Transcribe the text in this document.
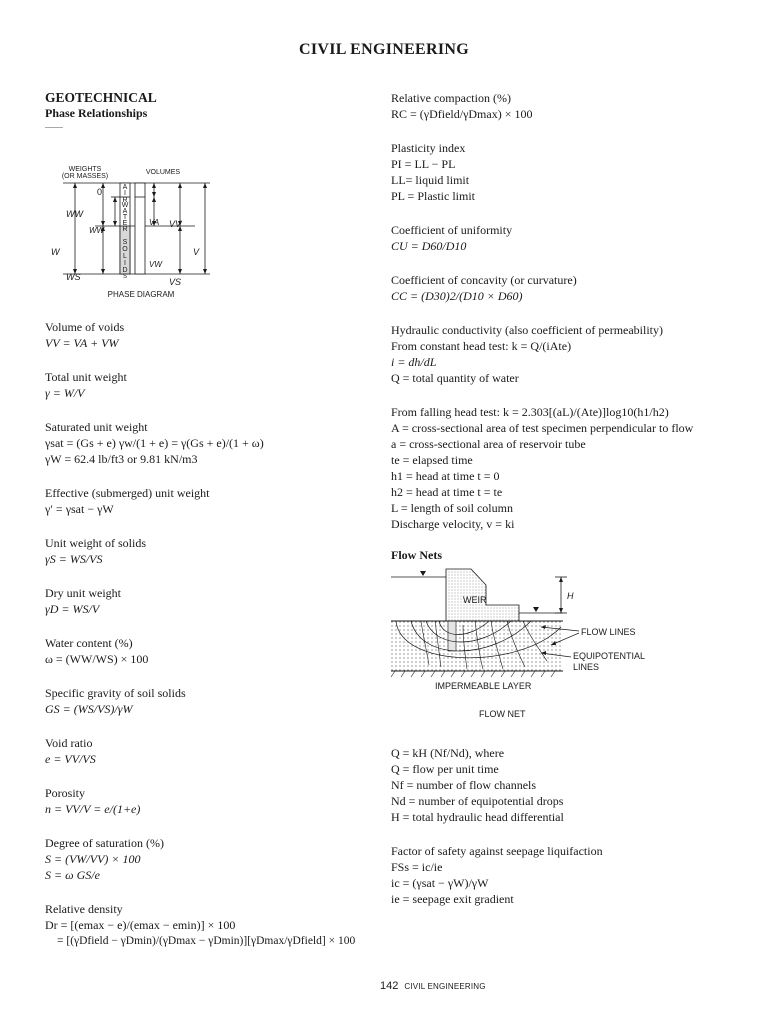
CIVIL ENGINEERING
GEOTECHNICAL
Phase Relationships
WEIGHTS
(OR MASSES)
VOLUMES
0
W
WW
WW
WS
VA
VW
VV
VS
V
A
I
R
W
A
T
E
R
S
O
L
I
D
S
PHASE DIAGRAM
Volume of voids
VV = VA + VW
Total unit weight
γ = W/V
Saturated unit weight
γsat = (Gs + e) γw/(1 + e) = γ(Gs + e)/(1 + ω)
γW = 62.4 lb/ft3 or 9.81 kN/m3
Effective (submerged) unit weight
γ′ = γsat − γW
Unit weight of solids
γS = WS/VS
Dry unit weight
γD = WS/V
Water content (%)
ω = (WW/WS) × 100
Specific gravity of soil solids
GS = (WS/VS)/γW
Void ratio
e = VV/VS
Porosity
n = VV/V = e/(1+e)
Degree of saturation (%)
S = (VW/VV) × 100
S = ω GS/e
Relative density
Dr = [(emax − e)/(emax − emin)] × 100
= [(γDfield − γDmin)/(γDmax − γDmin)][γDmax/γDfield] × 100
Relative compaction (%)
RC = (γDfield/γDmax) × 100
Plasticity index
PI = LL − PL
LL= liquid limit
PL = Plastic limit
Coefficient of uniformity
CU = D60/D10
Coefficient of concavity (or curvature)
CC = (D30)2/(D10 × D60)
Hydraulic conductivity (also coefficient of permeability)
From constant head test: k = Q/(iAte)
i = dh/dL
Q = total quantity of water
From falling head test: k = 2.303[(aL)/(Ate)]log10(h1/h2)
A = cross-sectional area of test specimen perpendicular to flow
a = cross-sectional area of reservoir tube
te = elapsed time
h1 = head at time t = 0
h2 = head at time t = te
L = length of soil column
Discharge velocity, v = ki
Flow Nets
H
WEIR
FLOW LINES
EQUIPOTENTIAL
LINES
IMPERMEABLE LAYER
FLOW NET
Q = kH (Nf/Nd), where
Q = flow per unit time
Nf = number of flow channels
Nd = number of equipotential drops
H = total hydraulic head differential
Factor of safety against seepage liquifaction
FSs = ic/ie
ic = (γsat − γW)/γW
ie = seepage exit gradient
142 CIVIL ENGINEERING
